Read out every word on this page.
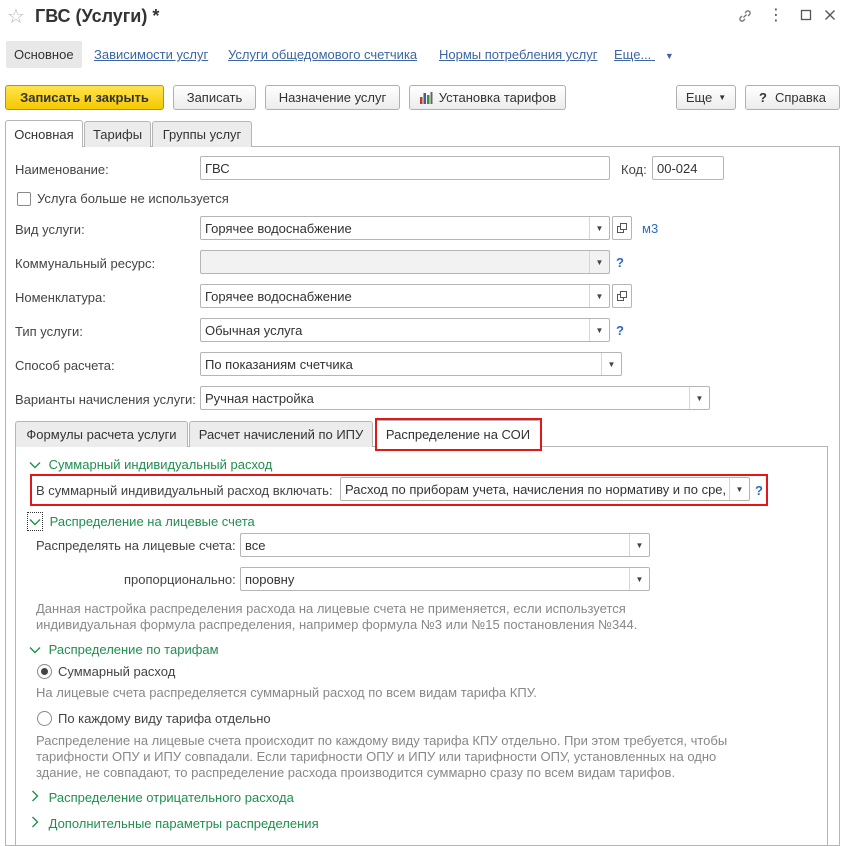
☆ ГВС (Услуги) *	⋮
Основное	Зависимости услуг Услуги общедомового счетчика Нормы потребления услуг Еще... ▼
Записать и закрыть	Записать	Назначение услуг	Установка тарифов	Еще ▼	? Справка
Основная	Тарифы	Группы услуг
Наименование:	ГВС	Код: 00-024
Услуга больше не используется
Вид услуги:	Горячее водоснабжение	▼	м3
Коммунальный ресурс:	▼ ?
Номенклатура:	Горячее водоснабжение	▼
Тип услуги:	Обычная услуга	▼ ?
Способ расчета:	По показаниям счетчика	▼
Варианты начисления услуги: Ручная настройка	▼
Формулы расчета услуги	Расчет начислений по ИПУ	Распределение на СОИ
Суммарный индивидуальный расход
В суммарный индивидуальный расход включать: Расход по приборам учета, начисления по нормативу и по сре,	▼ ?
Распределение на лицевые счета
Распределять на лицевые счета: все	▼
пропорционально: поровну	▼
Данная настройка распределения расхода на лицевые счета не применяется, если используется индивидуальная формула распределения, например формула №3 или №15 постановления №344.
Распределение по тарифам
Суммарный расход
На лицевые счета распределяется суммарный расход по всем видам тарифа КПУ.
По каждому виду тарифа отдельно
Распределение на лицевые счета происходит по каждому виду тарифа КПУ отдельно. При этом требуется, чтобы тарифности ОПУ и ИПУ совпадали. Если тарифности ОПУ и ИПУ или тарифности ОПУ, установленных на одно здание, не совпадают, то распределение расхода производится суммарно сразу по всем видам тарифов.
Распределение отрицательного расхода
Дополнительные параметры распределения
